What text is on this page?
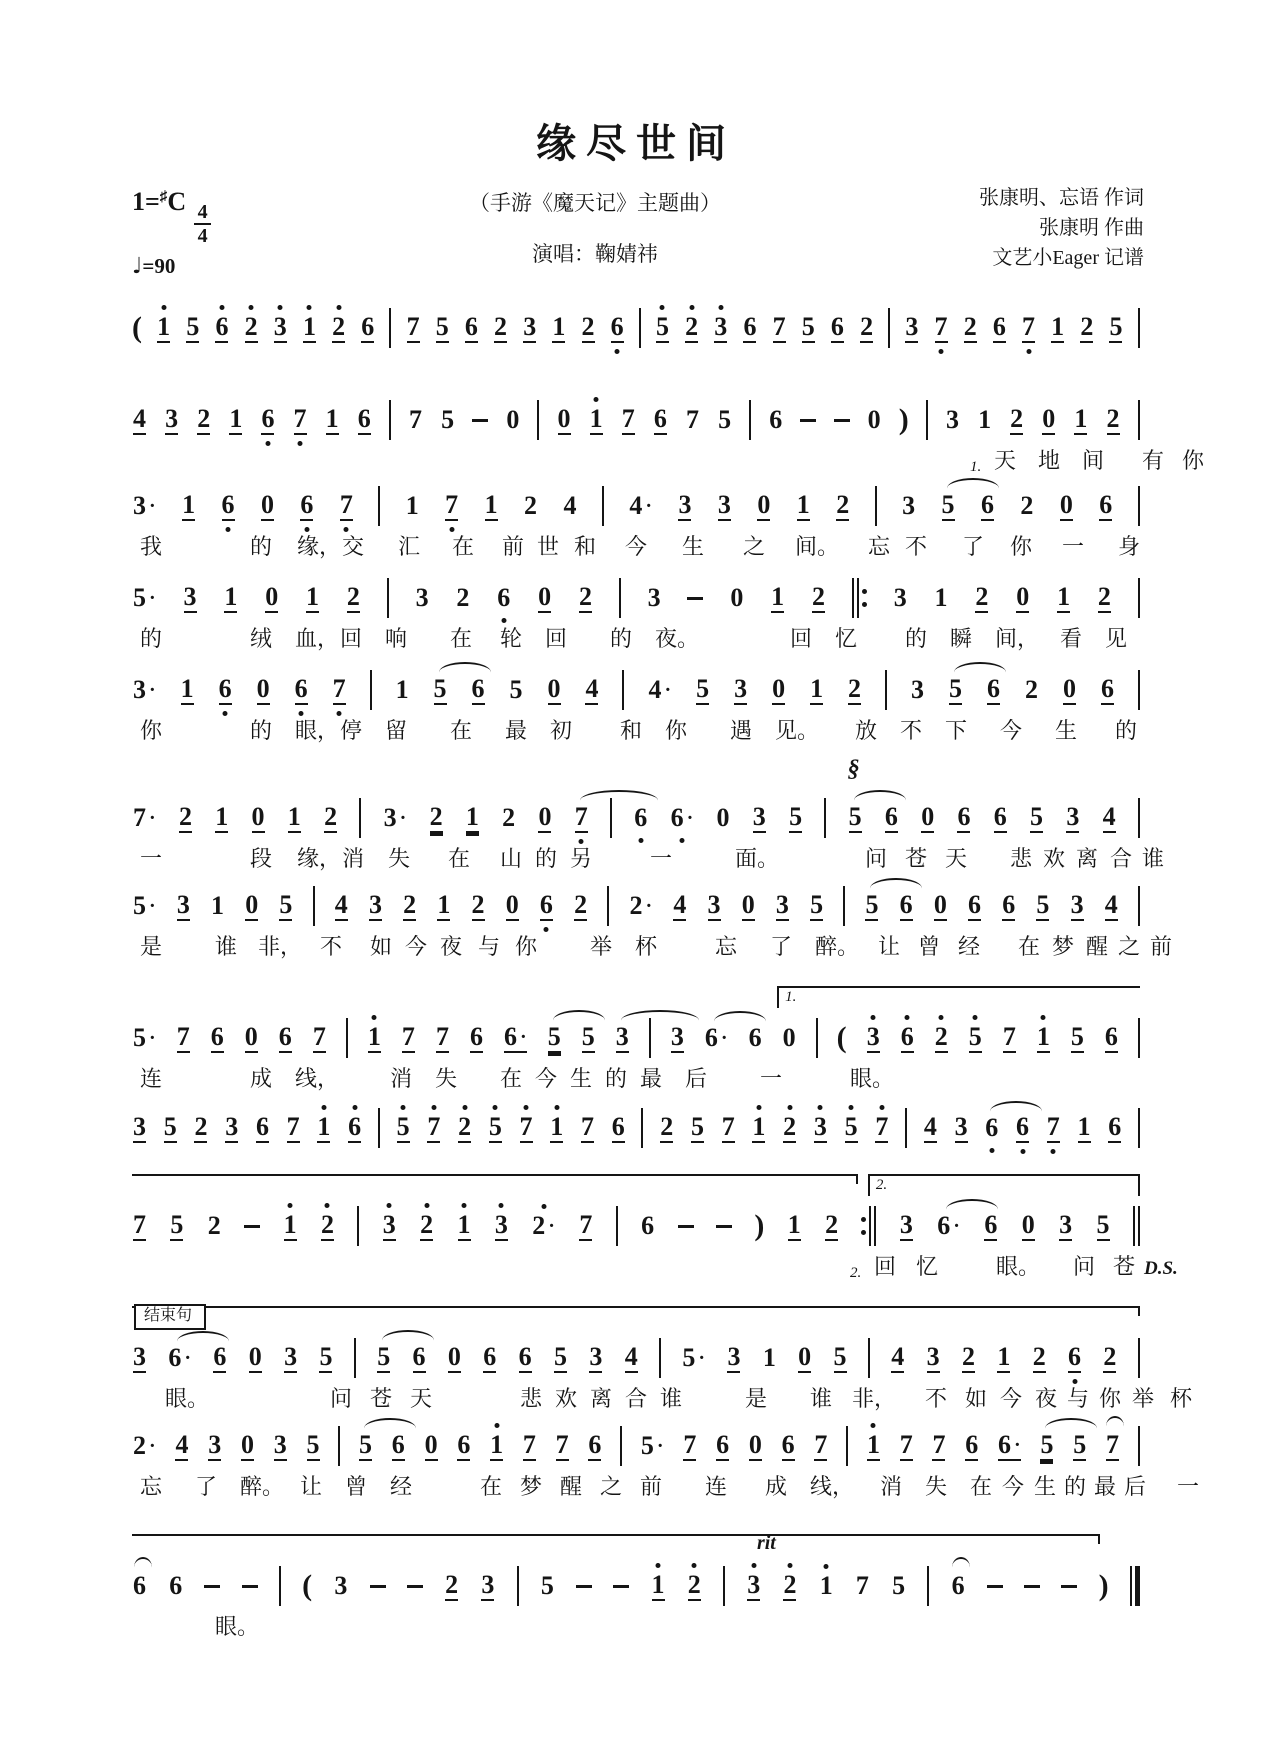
缘尽世间
1=♯C
$\frac{4}{4}$
♩=90
（手游《魔天记》主题曲）
演唱：鞠婧祎
张康明、忘语 作词
张康明 作曲
文艺小Eager 记谱
( 1 5 6 2 3 1 2 6 7 5 6 2 3 1 2 6 5 2 3 6 7 5 6 2 3 7 2 6 7 1 2 5
4 3 2 1 6 7 1 6 7 5 0 0 1 7 6 7 5 6	0 ) 3 1 2 0 1 2
1. 天 地 间 有 你
3 · 1 6 0 6 7 1 7 1 2 4 4 · 3 3 0 1 2 3 5 6 2 0 6
我	的 缘， 交 汇 在 前 世 和 今 生 之 间。 忘 不 了 你 一 身
5 · 3 1 0 1 2 3 2 6 0 2 3	0 1 2	3 1 2 0 1 2
的	绒 血， 回 响 在 轮 回 的 夜。	回 忆 的 瞬 间， 看 见
3 · 1 6 0 6 7 1 5 6 5 0 4 4 · 5 3 0 1 2 3 5 6 2 0 6
你	的 眼， 停 留 在 最 初 和 你 遇 见。 放 不 下 今 生 的
§
7 · 2 1 0 1 2 3 · 2 1 2 0 7 6 6 · 0 3 5 5 6 0 6 6 5 3 4
一	段 缘， 消 失 在 山 的 另	一	面。	问 苍 天 悲 欢 离 合 谁
5 · 3 1 0 5 4 3 2 1 2 0 6 2 2 · 4 3 0 3 5 5 6 0 6 6 5 3 4
是 谁 非， 不 如 今 夜 与 你 举 杯	忘 了 醉。 让 曾 经 在 梦 醒 之 前
1.
5 · 7 6 0 6 7 1 7 7 6 6 · 5 5 3 3 6 · 6 0 ( 3 6 2 5 7 1 5 6
连	成 线， 消 失 在 今 生 的 最 后 一	眼。
3 5 2 3 6 7 1 6 5 7 2 5 7 1 7 6 2 5 7 1 2 3 5 7 4 3 6 6 7 1 6
2.
7 5 2 1 2 3 2 1 3 2 · 7 6	) 1 2 3 6 · 6 0 3 5
2. 回 忆	眼。 问 苍 D.S.
结束句
3 6 · 6 0 3 5 5 6 0 6 6 5 3 4 5 · 3 1 0 5 4 3 2 1 2 6 2
眼。	问 苍 天	悲 欢 离 合 谁	是 谁 非， 不 如 今 夜 与 你 举 杯
2 · 4 3 0 3 5 5 6 0 6 1 7 7 6 5 · 7 6 0 6 7 1 7 7 6 6 · 5 5 7
忘 了 醉。 让 曾 经	在 梦 醒 之 前 连 成 线， 消 失 在 今 生 的 最 后 一
rit
6 6	( 3	2 3 5	1 2 3 2 1 7 5 6	)
眼。
